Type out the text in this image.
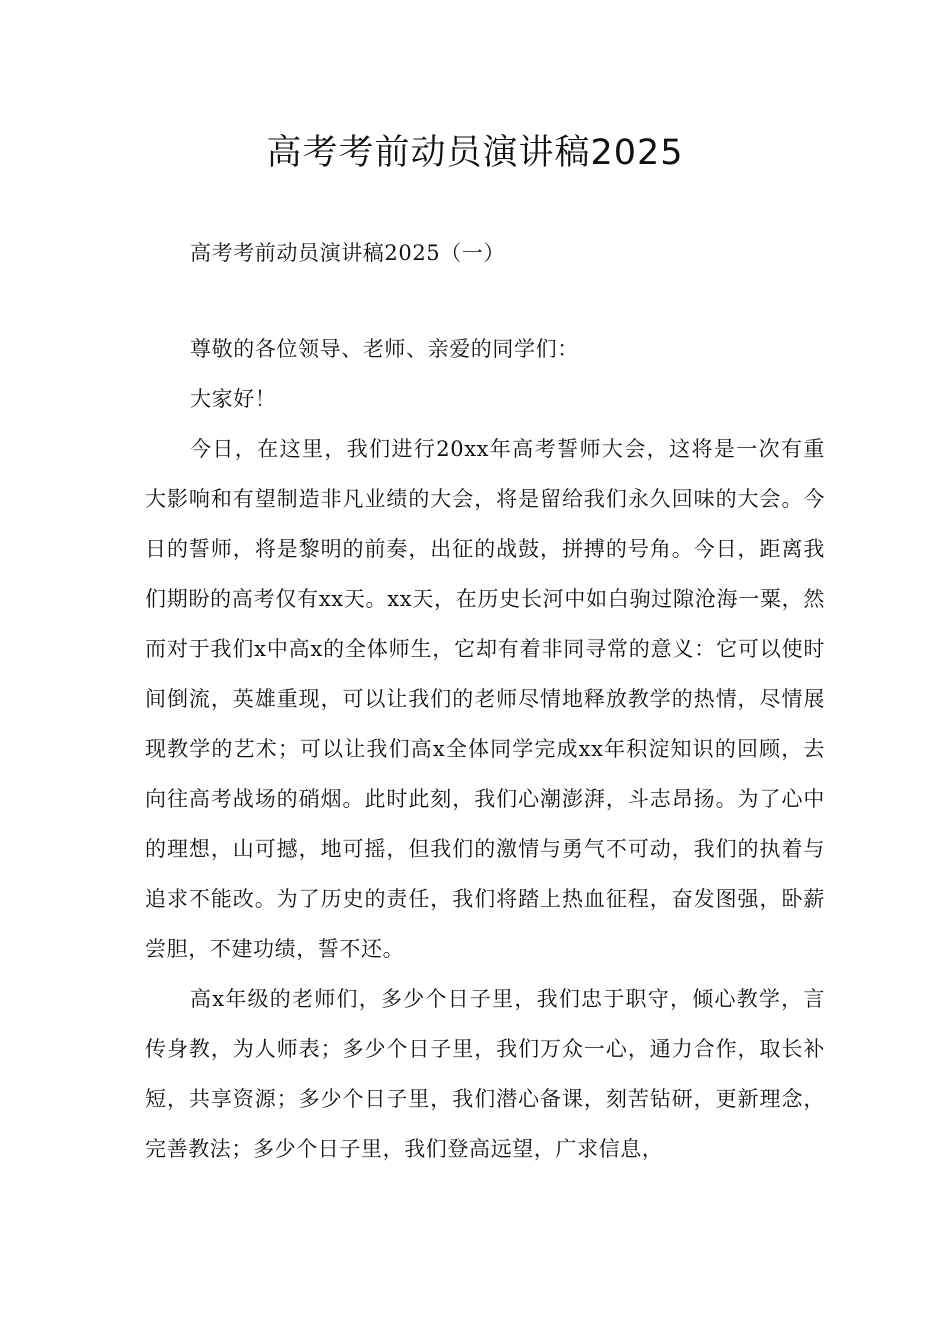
高考考前动员演讲稿2025

高考考前动员演讲稿2025（一）

尊敬的各位领导、老师、亲爱的同学们：

大家好！

今日，在这里，我们进行20xx年高考誓师大会，这将是一次有重大影响和有望制造非凡业绩的大会，将是留给我们永久回味的大会。今日的誓师，将是黎明的前奏，出征的战鼓，拼搏的号角。今日，距离我们期盼的高考仅有xx天。xx天，在历史长河中如白驹过隙沧海一粟，然而对于我们x中高x的全体师生，它却有着非同寻常的意义：它可以使时间倒流，英雄重现，可以让我们的老师尽情地释放教学的热情，尽情展现教学的艺术；可以让我们高x全体同学完成xx年积淀知识的回顾，去向往高考战场的硝烟。此时此刻，我们心潮澎湃，斗志昂扬。为了心中的理想，山可撼，地可摇，但我们的激情与勇气不可动，我们的执着与追求不能改。为了历史的责任，我们将踏上热血征程，奋发图强，卧薪尝胆，不建功绩，誓不还。

高x年级的老师们，多少个日子里，我们忠于职守，倾心教学，言传身教，为人师表；多少个日子里，我们万众一心，通力合作，取长补短，共享资源；多少个日子里，我们潜心备课，刻苦钻研，更新理念，完善教法；多少个日子里，我们登高远望，广求信息，
